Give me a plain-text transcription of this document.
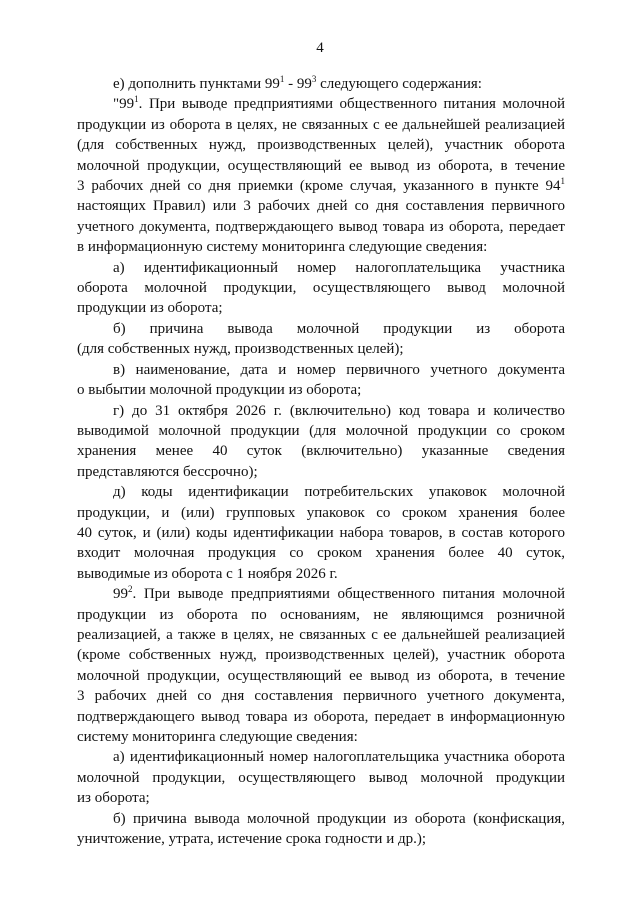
4
е) дополнить пунктами $99^1 - 99^3$ следующего содержания:
"$99^1$. При выводе предприятиями общественного питания молочной
продукции из оборота в целях, не связанных с ее дальнейшей реализацией
(для собственных нужд, производственных целей), участник оборота
молочной продукции, осуществляющий ее вывод из оборота, в течение
3 рабочих дней со дня приемки (кроме случая, указанного в пункте $94^1$
настоящих Правил) или 3 рабочих дней со дня составления первичного
учетного документа, подтверждающего вывод товара из оборота, передает
в информационную систему мониторинга следующие сведения:
а) идентификационный номер налогоплательщика участника
оборота молочной продукции, осуществляющего вывод молочной
продукции из оборота;
б) причина вывода молочной продукции из оборота
(для собственных нужд, производственных целей);
в) наименование, дата и номер первичного учетного документа
о выбытии молочной продукции из оборота;
г) до 31 октября 2026 г. (включительно) код товара и количество
выводимой молочной продукции (для молочной продукции со сроком
хранения менее 40 суток (включительно) указанные сведения
представляются бессрочно);
д) коды идентификации потребительских упаковок молочной
продукции, и (или) групповых упаковок со сроком хранения более
40 суток, и (или) коды идентификации набора товаров, в состав которого
входит молочная продукция со сроком хранения более 40 суток,
выводимые из оборота с 1 ноября 2026 г.
$99^2$. При выводе предприятиями общественного питания молочной
продукции из оборота по основаниям, не являющимся розничной
реализацией, а также в целях, не связанных с ее дальнейшей реализацией
(кроме собственных нужд, производственных целей), участник оборота
молочной продукции, осуществляющий ее вывод из оборота, в течение
3 рабочих дней со дня составления первичного учетного документа,
подтверждающего вывод товара из оборота, передает в информационную
систему мониторинга следующие сведения:
а) идентификационный номер налогоплательщика участника оборота
молочной продукции, осуществляющего вывод молочной продукции
из оборота;
б) причина вывода молочной продукции из оборота (конфискация,
уничтожение, утрата, истечение срока годности и др.);
